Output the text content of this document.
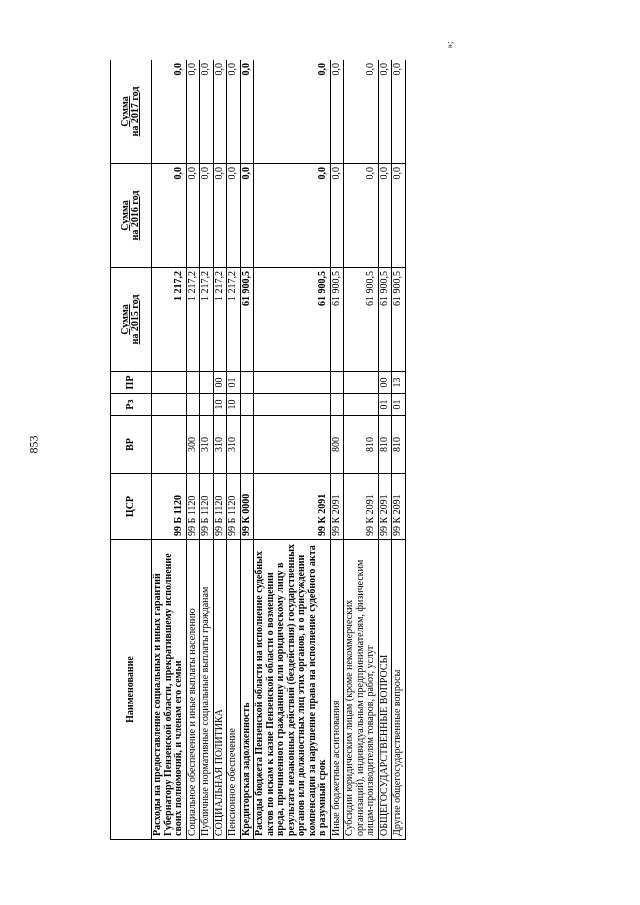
853
»;
Наименование	ЦСР	ВР	Рз	ПР	Сумма на 2015 год	Сумма на 2016 год	Сумма на 2017 год

Расходы на предоставление социальных и иных гарантий Губернатору Пензенской области, прекратившему исполнение своих полномочий, и членам его семьи	99 Б 1120				1 217,2	0,0	0,0
Социальное обеспечение и иные выплаты населению	99 Б 1120	300			1 217,2	0,0	0,0
Публичные нормативные социальные выплаты гражданам	99 Б 1120	310			1 217,2	0,0	0,0
СОЦИАЛЬНАЯ ПОЛИТИКА	99 Б 1120	310	10	00	1 217,2	0,0	0,0
Пенсионное обеспечение	99 Б 1120	310	10	01	1 217,2	0,0	0,0
Кредиторская задолженность	99 К 0000				61 900,5	0,0	0,0
Расходы бюджета Пензенской области на исполнение судебных актов по искам к казне Пензенской области о возмещении вреда, причиненного гражданину или юридическому лицу в результате незаконных действий (бездействия) государственных органов или должностных лиц этих органов, и о присуждении компенсации за нарушение права на исполнение судебного акта в разумный срок	99 К 2091				61 900,5	0,0	0,0
Иные бюджетные ассигнования	99 К 2091	800			61 900,5	0,0	0,0
Субсидии юридическим лицам (кроме некоммерческих организаций), индивидуальным предпринимателям, физическим лицам-производителям товаров, работ, услуг	99 К 2091	810			61 900,5	0,0	0,0
ОБЩЕГОСУДАРСТВЕННЫЕ ВОПРОСЫ	99 К 2091	810	01	00	61 900,5	0,0	0,0
Другие общегосударственные вопросы	99 К 2091	810	01	13	61 900,5	0,0	0,0
